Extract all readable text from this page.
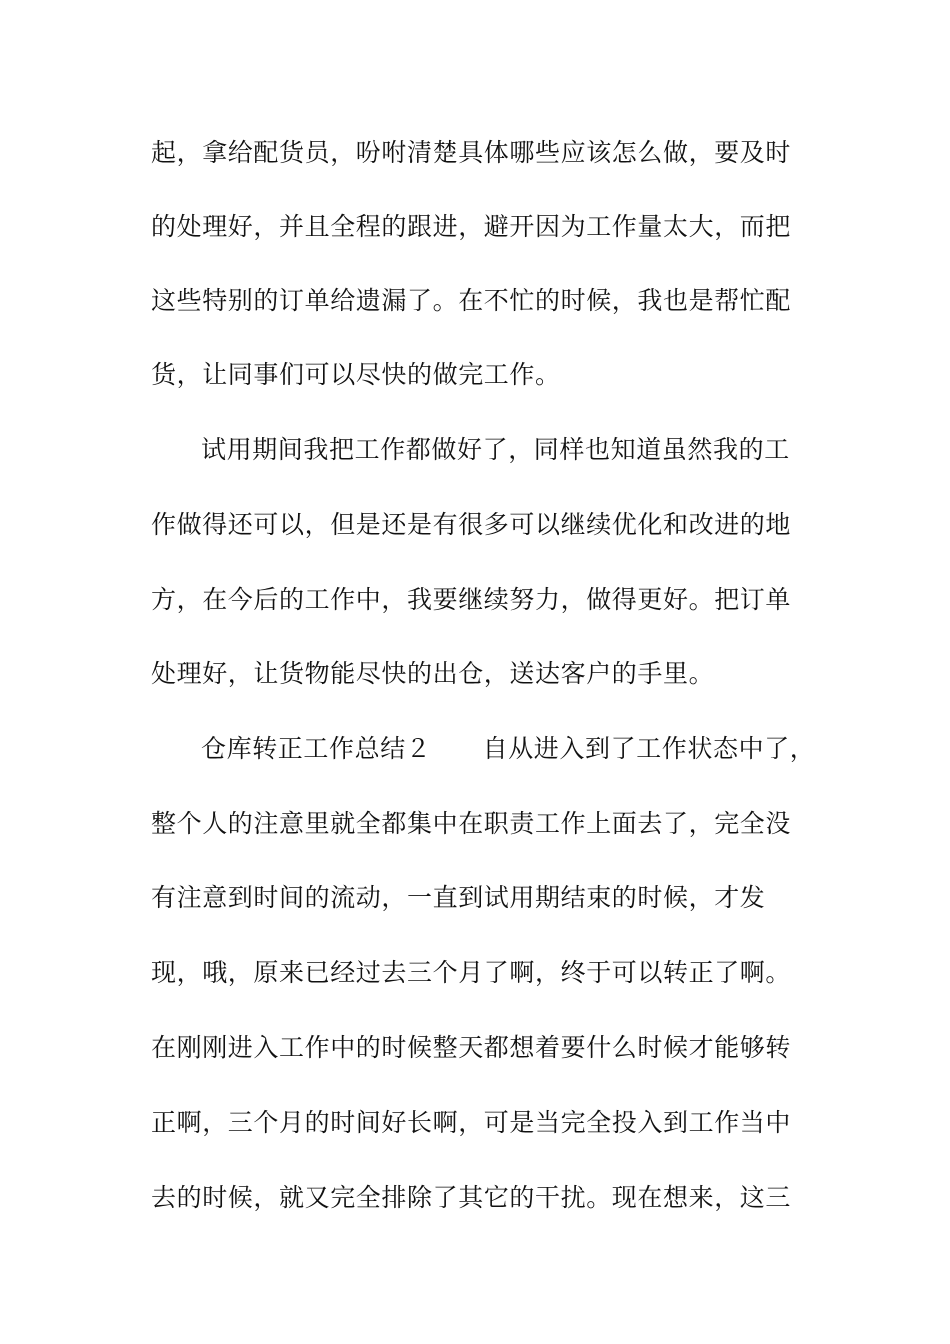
起，拿给配货员，吩咐清楚具体哪些应该怎么做，要及时
的处理好，并且全程的跟进，避开因为工作量太大，而把
这些特别的订单给遗漏了。在不忙的时候，我也是帮忙配
货，让同事们可以尽快的做完工作。
试用期间我把工作都做好了，同样也知道虽然我的工
作做得还可以，但是还是有很多可以继续优化和改进的地
方，在今后的工作中，我要继续努力，做得更好。把订单
处理好，让货物能尽快的出仓，送达客户的手里。
仓库转正工作总结２　　自从进入到了工作状态中了，
整个人的注意里就全都集中在职责工作上面去了，完全没
有注意到时间的流动，一直到试用期结束的时候，才发
现，哦，原来已经过去三个月了啊，终于可以转正了啊。
在刚刚进入工作中的时候整天都想着要什么时候才能够转
正啊，三个月的时间好长啊，可是当完全投入到工作当中
去的时候，就又完全排除了其它的干扰。现在想来，这三
